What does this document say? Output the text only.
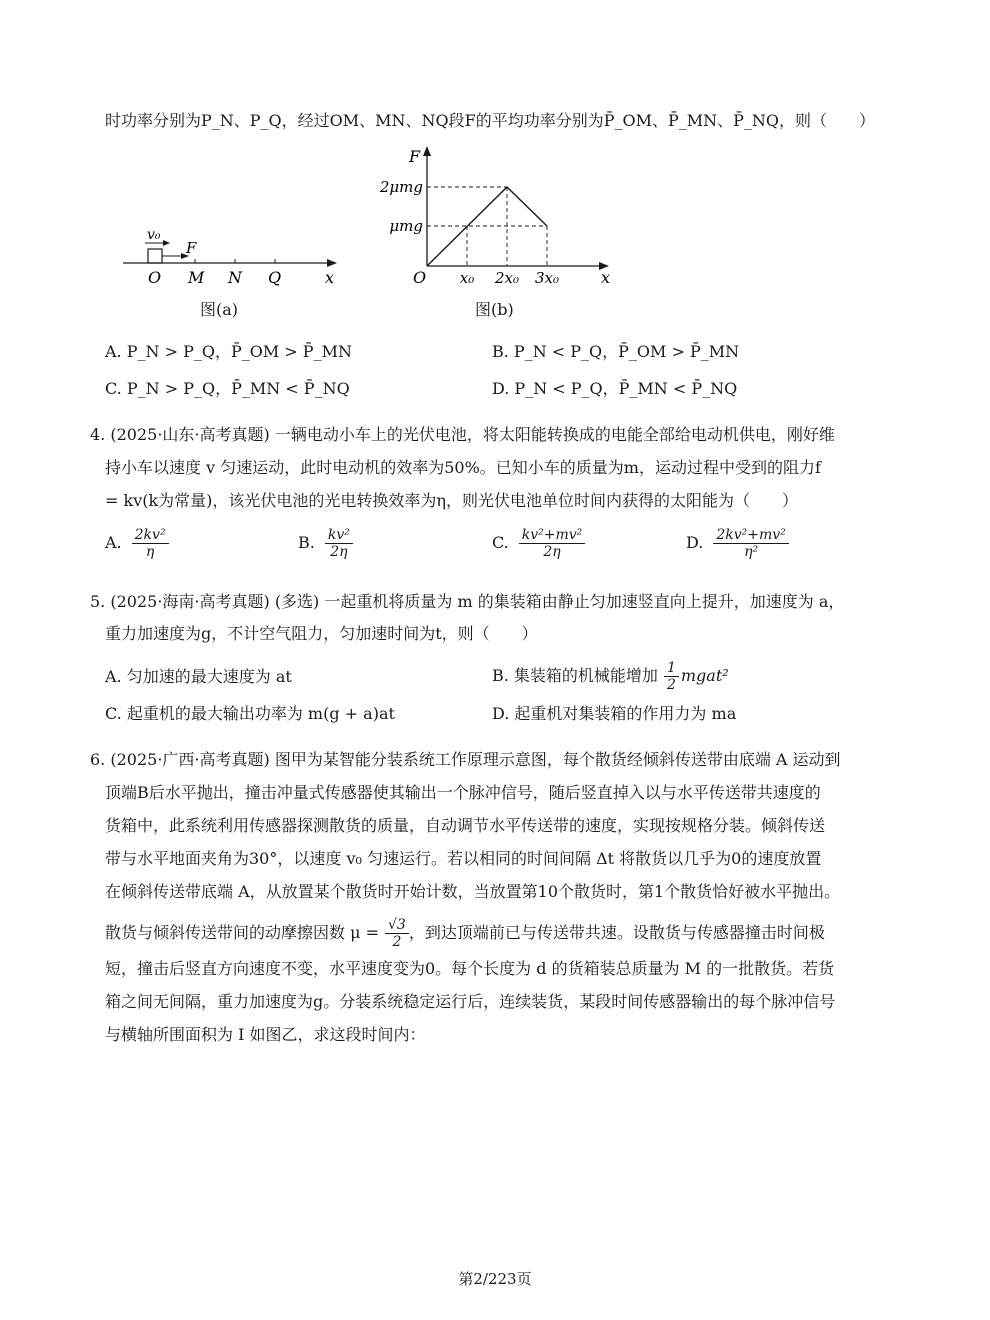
时功率分别为P_N、P_Q，经过OM、MN、NQ段F的平均功率分别为P̄_OM、P̄_MN、P̄_NQ，则（　　）
v₀
F
O M N Q	x
图(a)
F
2μmg
μmg
O x₀ 2x₀ 3x₀	x
图(b)
A. P_N > P_Q，P̄_OM > P̄_MN	B. P_N < P_Q，P̄_OM > P̄_MN
C. P_N > P_Q，P̄_MN < P̄_NQ	D. P_N < P_Q，P̄_MN < P̄_NQ
4. (2025·山东·高考真题) 一辆电动小车上的光伏电池，将太阳能转换成的电能全部给电动机供电，刚好维
持小车以速度 v 匀速运动，此时电动机的效率为50%。已知小车的质量为m，运动过程中受到的阻力f
= kv(k为常量)，该光伏电池的光电转换效率为η，则光伏电池单位时间内获得的太阳能为（　　）
A. $\frac{\text{2kv²}}{\eta}$	B. $\frac{\text{kv²}}{2\eta}$	C. $\frac{\text{kv²+mv²}}{2\eta}$	D. $\frac{\text{2kv²+mv²}}{\text{η²}}$
5. (2025·海南·高考真题) (多选) 一起重机将质量为 m 的集装箱由静止匀加速竖直向上提升，加速度为 a，
重力加速度为g，不计空气阻力，匀加速时间为t，则（　　）
A. 匀加速的最大速度为 at	B. 集装箱的机械能增加 $\frac{1}{2}$ mgat²
C. 起重机的最大输出功率为 m(g + a)at	D. 起重机对集装箱的作用力为 ma
6. (2025·广西·高考真题) 图甲为某智能分装系统工作原理示意图，每个散货经倾斜传送带由底端 A 运动到
顶端B后水平抛出，撞击冲量式传感器使其输出一个脉冲信号，随后竖直掉入以与水平传送带共速度的
货箱中，此系统利用传感器探测散货的质量，自动调节水平传送带的速度，实现按规格分装。倾斜传送
带与水平地面夹角为30°，以速度 v₀ 匀速运行。若以相同的时间间隔 Δt 将散货以几乎为0的速度放置
在倾斜传送带底端 A，从放置某个散货时开始计数，当放置第10个散货时，第1个散货恰好被水平抛出。
散货与倾斜传送带间的动摩擦因数 $\mu = \frac{√3}{2}$ ，到达顶端前已与传送带共速。设散货与传感器撞击时间极
短，撞击后竖直方向速度不变，水平速度变为0。每个长度为 d 的货箱装总质量为 M 的一批散货。若货
箱之间无间隔，重力加速度为g。分装系统稳定运行后，连续装货，某段时间传感器输出的每个脉冲信号
与横轴所围面积为 I 如图乙，求这段时间内：
第2/223页
